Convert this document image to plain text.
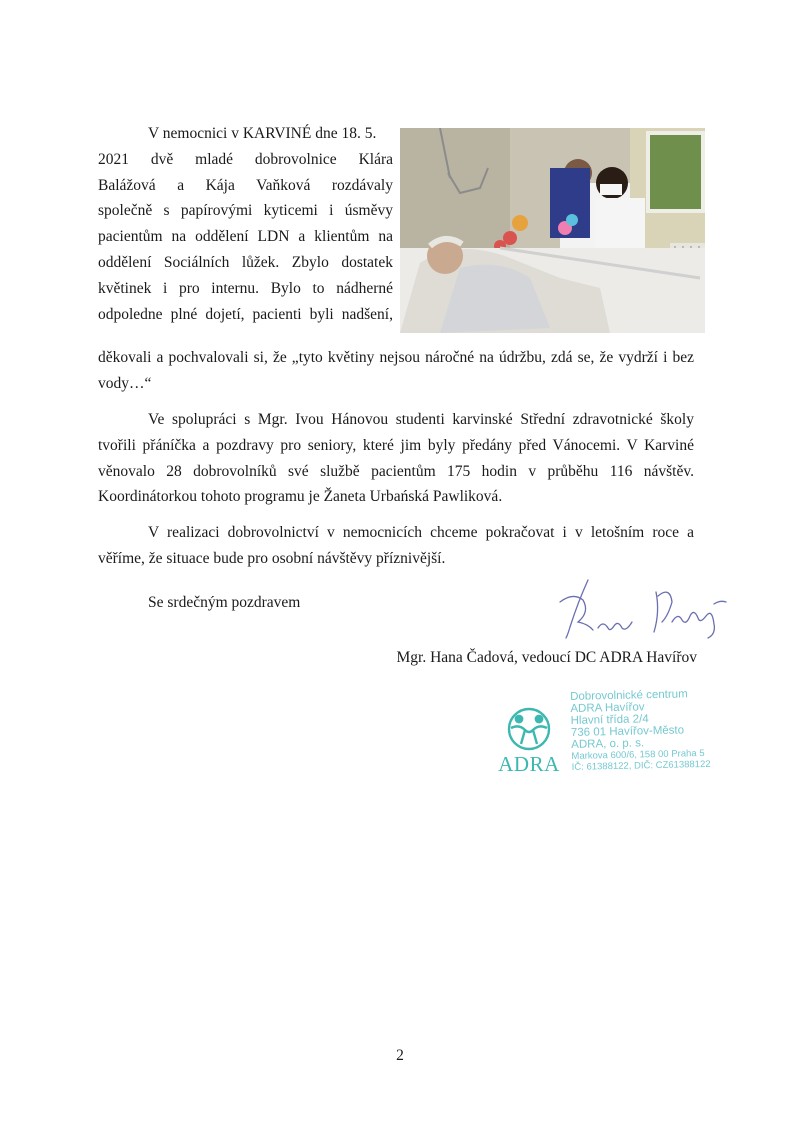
V nemocnici v KARVINÉ dne 18. 5.
2021 dvě mladé dobrovolnice Klára
Balážová a Kája Vaňková rozdávaly
společně s papírovými kyticemi i úsměvy
pacientům na oddělení LDN a klientům na
oddělení Sociálních lůžek. Zbylo dostatek
květinek i pro internu. Bylo to nádherné
odpoledne plné dojetí, pacienti byli nadšení,
děkovali a pochvalovali si, že „tyto květiny nejsou náročné na údržbu, zdá se, že vydrží i bez vody…“
Ve spolupráci s Mgr. Ivou Hánovou studenti karvinské Střední zdravotnické školy tvořili přáníčka a pozdravy pro seniory, které jim byly předány před Vánocemi. V Karviné věnovalo 28 dobrovolníků své službě pacientům 175 hodin v průběhu 116 návštěv. Koordinátorkou tohoto programu je Žaneta Urbańská Pawliková.
V realizaci dobrovolnictví v nemocnicích chceme pokračovat i v letošním roce a věříme, že situace bude pro osobní návštěvy příznivější.
Se srdečným pozdravem
Mgr. Hana Čadová, vedoucí DC ADRA Havířov
ADRA
Dobrovolnické centrum
ADRA Havířov
Hlavní třída 2/4
736 01 Havířov-Město
ADRA, o. p. s.
Markova 600/6, 158 00 Praha 5
IČ: 61388122, DIČ: CZ61388122
2
